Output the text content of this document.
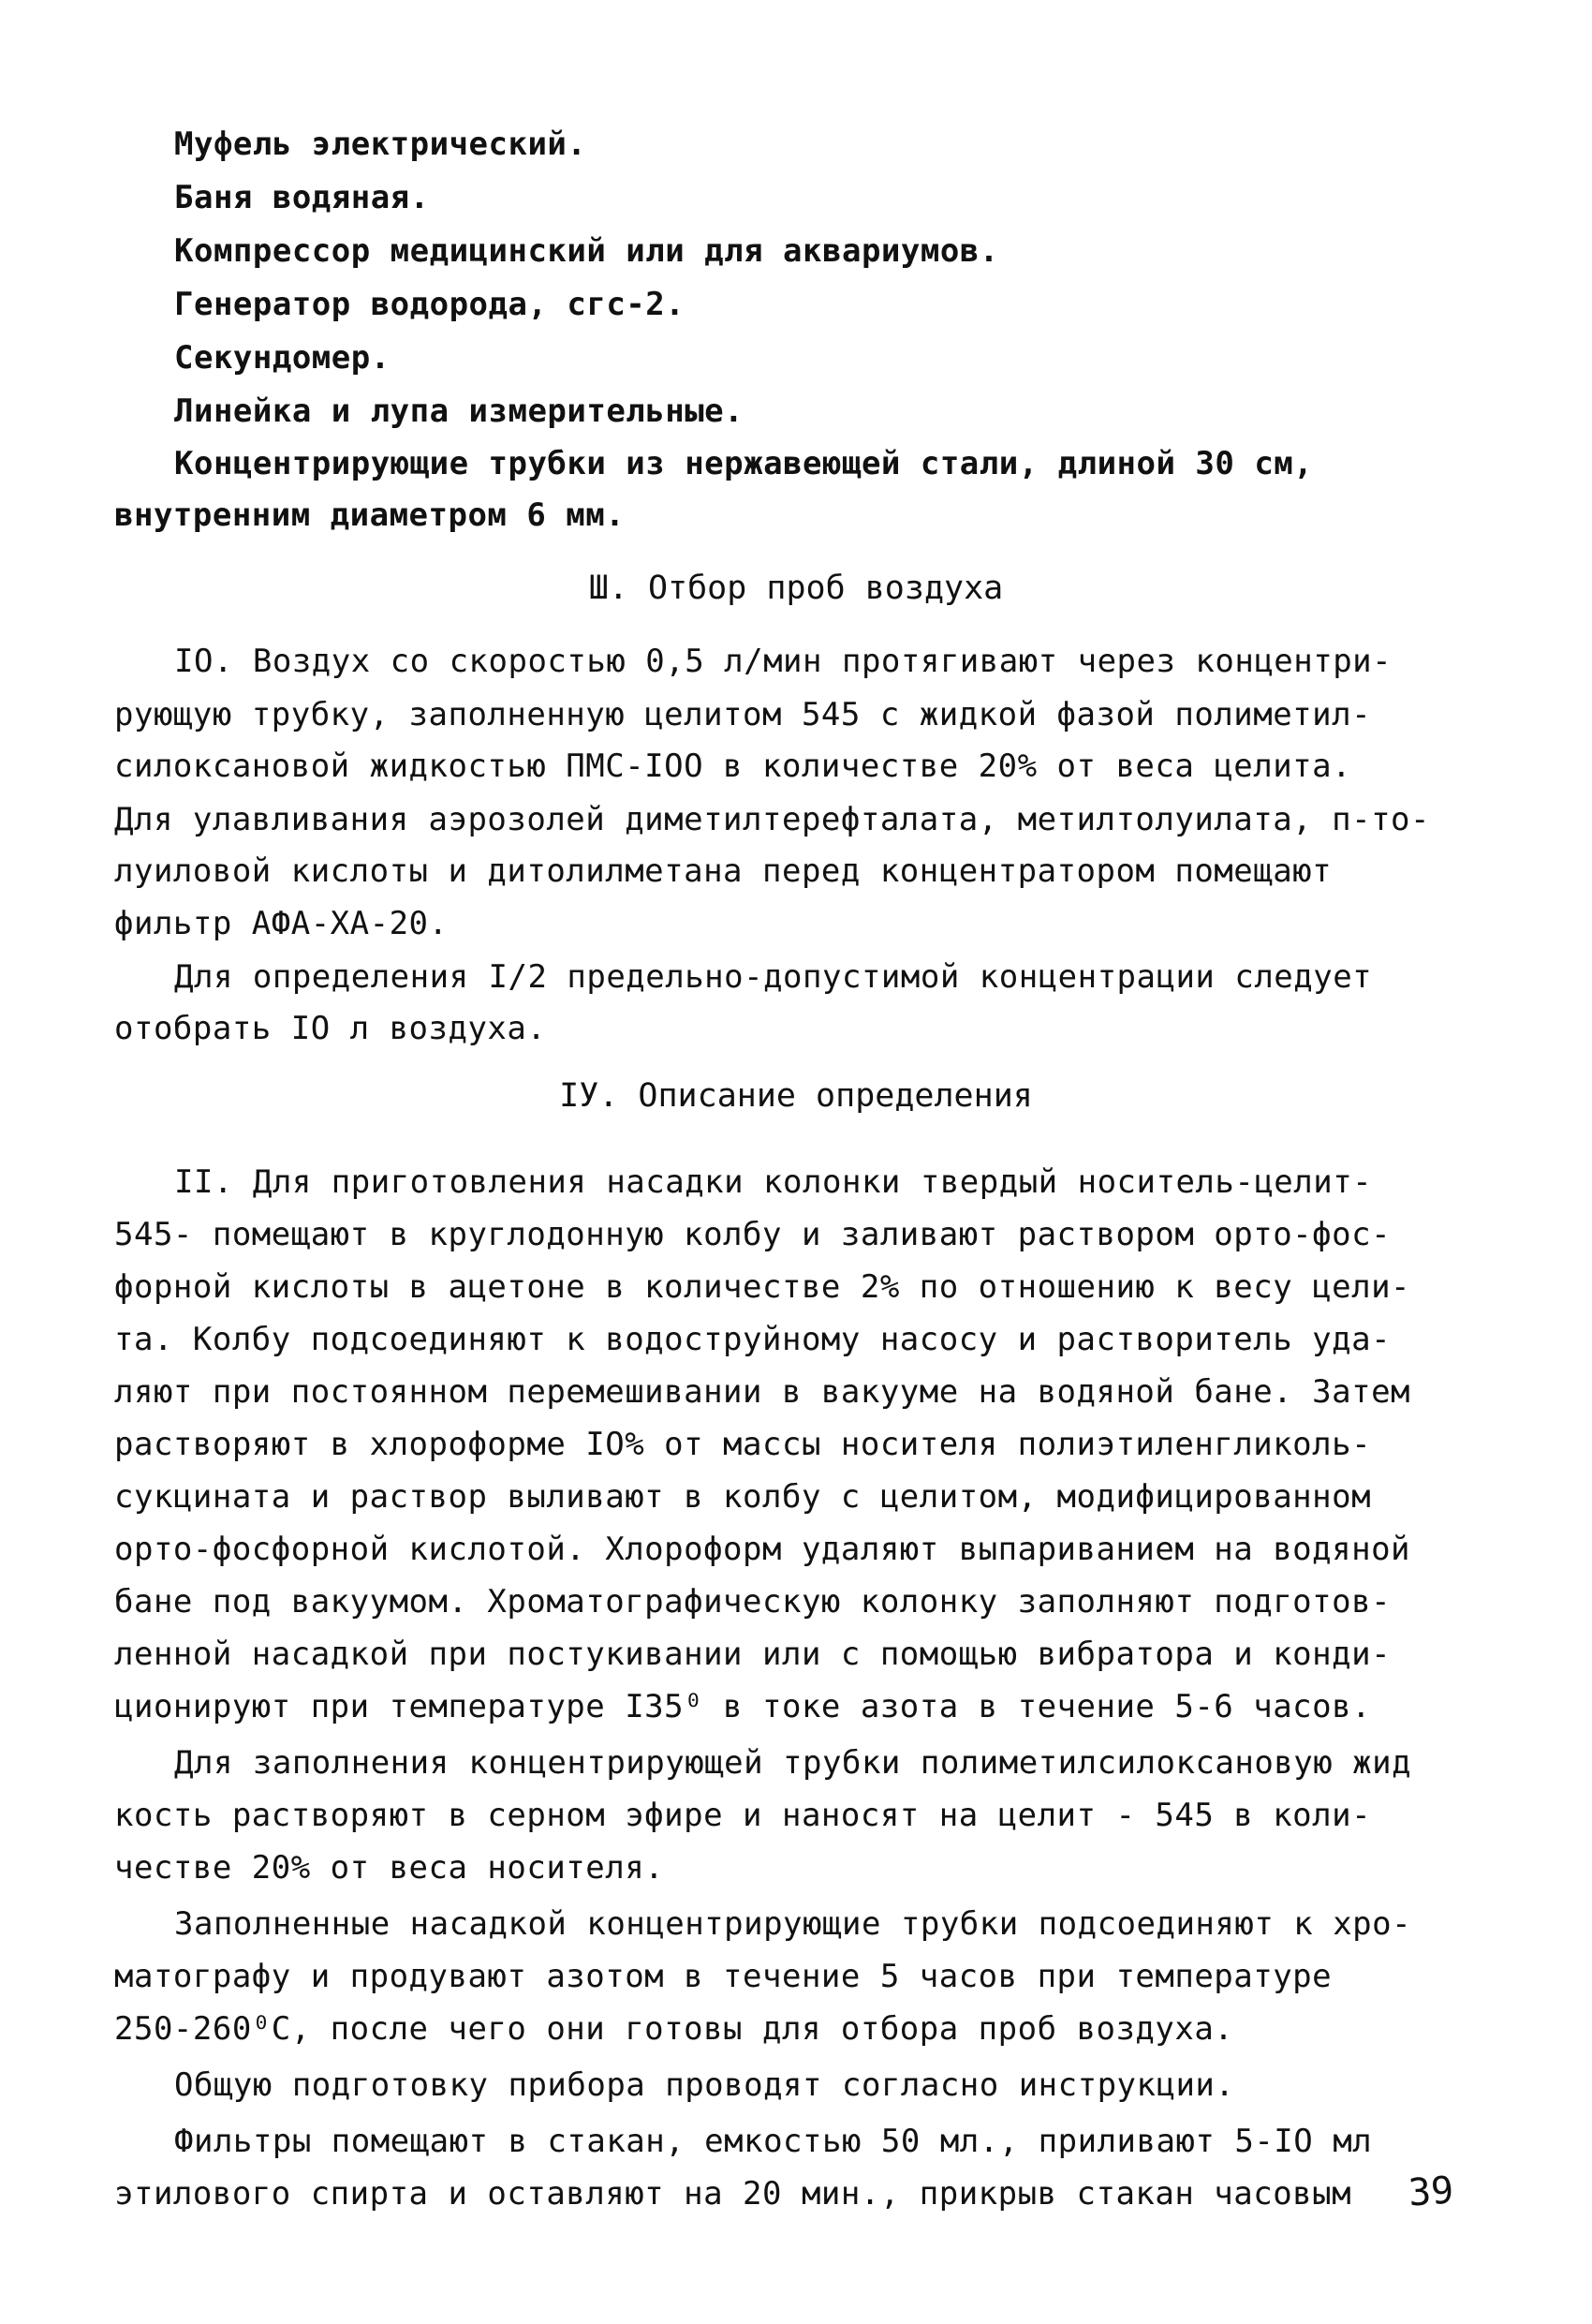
Муфель электрический.
Баня водяная.
Компрессор медицинский или для аквариумов.
Генератор водорода, сгс-2.
Секундомер.
Линейка и лупа измерительные.
Концентрирующие трубки из нержавеющей стали, длиной 30 см,
внутренним диаметром 6 мм.
Ш. Отбор проб воздуха
IO. Воздух со скоростью 0,5 л/мин протягивают через концентри-
рующую трубку, заполненную целитом 545 с жидкой фазой полиметил-
силоксановой жидкостью ПМС-IOO в количестве 20% от веса целита.
Для улавливания аэрозолей диметилтерефталата, метилтолуилата, п-то-
луиловой кислоты и дитолилметана перед концентратором помещают
фильтр АФА-ХА-20.
Для определения I/2 предельно-допустимой концентрации следует
отобрать IO л воздуха.
IУ. Описание определения
II. Для приготовления насадки колонки твердый носитель-целит-
545- помещают в круглодонную колбу и заливают раствором орто-фос-
форной кислоты в ацетоне в количестве 2% по отношению к весу цели-
та. Колбу подсоединяют к водоструйному насосу и растворитель уда-
ляют при постоянном перемешивании в вакууме на водяной бане. Затем
растворяют в хлороформе IO% от массы носителя полиэтиленгликоль-
сукцината и раствор выливают в колбу с целитом, модифицированном
орто-фосфорной кислотой. Хлороформ удаляют выпариванием на водяной
бане под вакуумом. Хроматографическую колонку заполняют подготов-
ленной насадкой при постукивании или с помощью вибратора и конди-
ционируют при температуре I35⁰ в токе азота в течение 5-6 часов.
Для заполнения концентрирующей трубки полиметилсилоксановую жид
кость растворяют в серном эфире и наносят на целит - 545 в коли-
честве 20% от веса носителя.
Заполненные насадкой концентрирующие трубки подсоединяют к хро-
матографу и продувают азотом в течение 5 часов при температуре
250-260⁰С, после чего они готовы для отбора проб воздуха.
Общую подготовку прибора проводят согласно инструкции.
Фильтры помещают в стакан, емкостью 50 мл., приливают 5-IO мл
этилового спирта и оставляют на 20 мин., прикрыв стакан часовым 39
